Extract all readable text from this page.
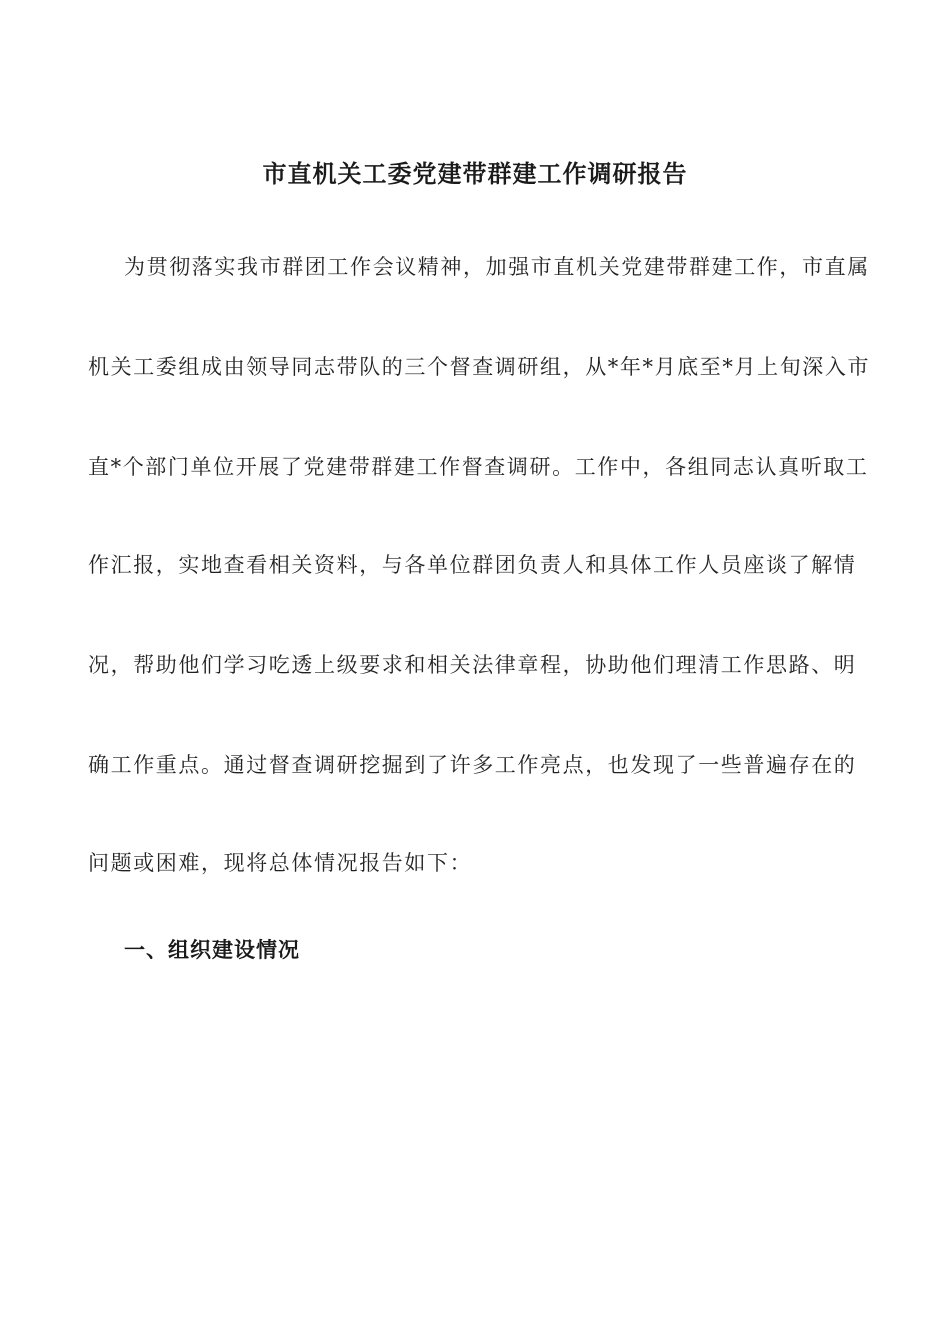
市直机关工委党建带群建工作调研报告
为贯彻落实我市群团工作会议精神，加强市直机关党建带群建工作，市直属
机关工委组成由领导同志带队的三个督查调研组，从*年*月底至*月上旬深入市
直*个部门单位开展了党建带群建工作督查调研。工作中，各组同志认真听取工
作汇报，实地查看相关资料，与各单位群团负责人和具体工作人员座谈了解情
况，帮助他们学习吃透上级要求和相关法律章程，协助他们理清工作思路、明
确工作重点。通过督查调研挖掘到了许多工作亮点，也发现了一些普遍存在的
问题或困难，现将总体情况报告如下：
一、组织建设情况
